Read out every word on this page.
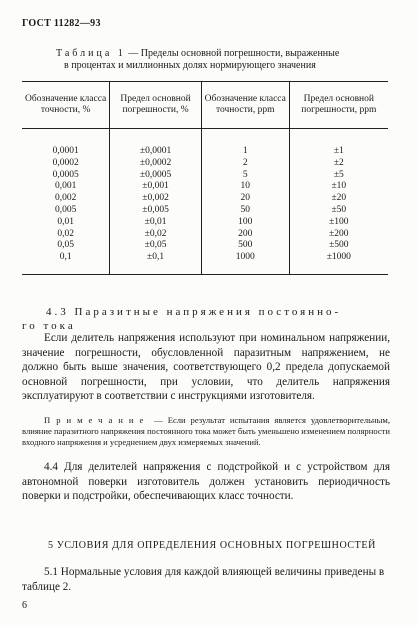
ГОСТ 11282—93
Таблица 1 — Пределы основной погрешности, выраженные
в процентах и миллионных долях нормирующего значения
Обозначение класса точности, %	Предел основной погрешности, %	Обозначение класса точности, ppm	Предел основной погрешности, ppm
0,0001	±0,0001	1	±1
0,0002	±0,0002	2	±2
0,0005	±0,0005	5	±5
0,001	±0,001	10	±10
0,002	±0,002	20	±20
0,005	±0,005	50	±50
0,01	±0,01	100	±100
0,02	±0,02	200	±200
0,05	±0,05	500	±500
0,1	±0,1	1000	±1000
4.3 Паразитные напряжения постоянно-
го тока
Если делитель напряжения используют при номинальном напряжении, значение погрешности, обусловленной паразитным напряжением, не должно быть выше значения, соответствующего 0,2 предела допускаемой основной погрешности, при условии, что делитель напряжения эксплуатируют в соответствии с инструкциями изготовителя.
Примечание — Если результат испытания является удовлетворительным, влияние паразитного напряжения постоянного тока может быть уменьшено изменением полярности входного напряжения и усреднением двух измеряемых значений.
4.4 Для делителей напряжения с подстройкой и с устройством для автономной поверки изготовитель должен установить периодичность поверки и подстройки, обеспечивающих класс точности.
5 УСЛОВИЯ ДЛЯ ОПРЕДЕЛЕНИЯ ОСНОВНЫХ ПОГРЕШНОСТЕЙ
5.1 Нормальные условия для каждой влияющей величины приведены в таблице 2.
6
